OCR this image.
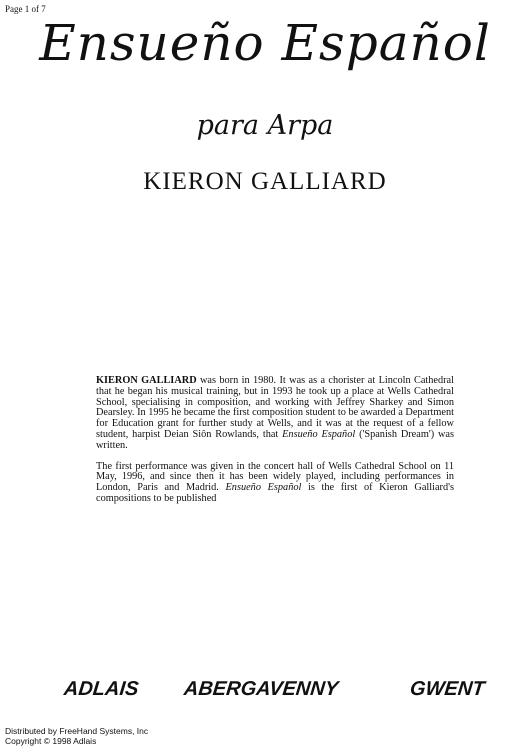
Page 1 of 7
Ensueño Español
para Arpa
KIERON GALLIARD

KIERON GALLIARD was born in 1980. It was as a chorister at Lincoln Cathedral that he began his musical training, but in 1993 he took up a place at Wells Cathedral School, specialising in composition, and working with Jeffrey Sharkey and Simon Dearsley. In 1995 he became the first composition student to be awarded a Department for Education grant for further study at Wells, and it was at the request of a fellow student, harpist Deian Siôn Rowlands, that Ensueño Español ('Spanish Dream') was written.

The first performance was given in the concert hall of Wells Cathedral School on 11 May, 1996, and since then it has been widely played, including performances in London, Paris and Madrid. Ensueño Español is the first of Kieron Galliard's compositions to be published

ADLAIS ABERGAVENNY	GWENT
Distributed by FreeHand Systems, Inc
Copyright © 1998 Adlais
